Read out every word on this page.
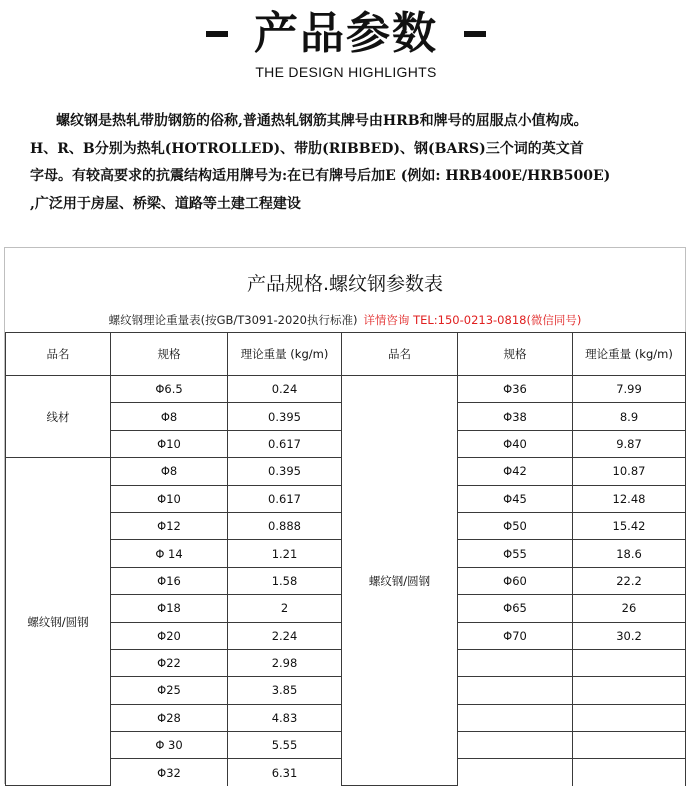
产品参数
THE DESIGN HIGHLIGHTS

螺纹钢是热轧带肋钢筋的俗称,普通热轧钢筋其牌号由HRB和牌号的屈服点小值构成。

H、R、B分别为热轧(HOTROLLED)、带肋(RIBBED)、钢(BARS)三个词的英文首

字母。有较高要求的抗震结构适用牌号为:在已有牌号后加E (例如: HRB400E/HRB500E)

,广泛用于房屋、桥梁、道路等土建工程建设

产品规格.螺纹钢参数表
螺纹钢理论重量表(按GB/T3091-2020执行标准) 详情咨询 TEL:150-0213-0818(微信同号)
品名	规格	理论重量 (kg/m)	品名	规格	理论重量 (kg/m)
线材	Φ6.5	0.24	螺纹钢/圆钢	Φ36	7.99
	Φ8	0.395		Φ38	8.9
	Φ10	0.617		Φ40	9.87
螺纹钢/圆钢	Φ8	0.395		Φ42	10.87
	Φ10	0.617		Φ45	12.48
	Φ12	0.888		Φ50	15.42
	Φ 14	1.21		Φ55	18.6
	Φ16	1.58		Φ60	22.2
	Φ18	2		Φ65	26
	Φ20	2.24		Φ70	30.2
	Φ22	2.98			
	Φ25	3.85			
	Φ28	4.83			
	Φ 30	5.55			
	Φ32	6.31			
